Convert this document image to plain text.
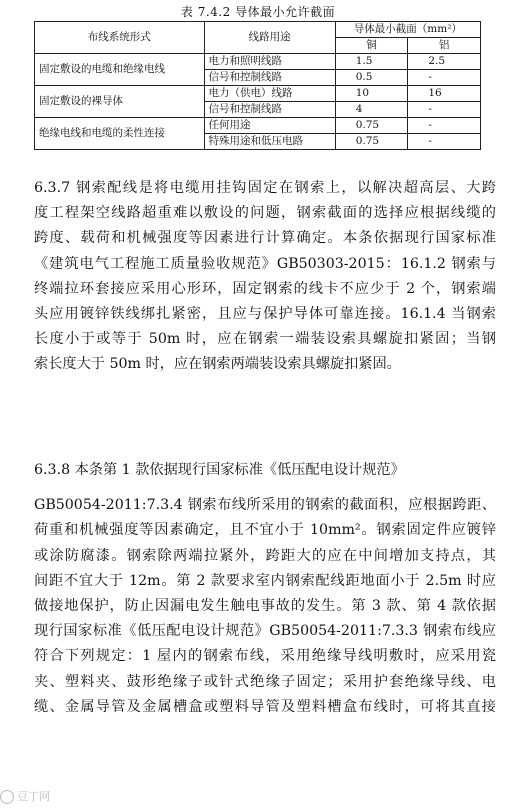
表 7.4.2 导体最小允许截面
布线系统形式	线路用途	导体最小截面（mm²）	
		铜	铝
固定敷设的电缆和绝缘电线	电力和照明线路	1.5	2.5
	信号和控制线路	0.5	-
固定敷设的裸导体	电力（供电）线路	10	16
	信号和控制线路	4	-
绝缘电线和电缆的柔性连接	任何用途	0.75	-
	特殊用途和低压电路	0.75	-
6.3.7 钢索配线是将电缆用挂钩固定在钢索上，以解决超高层、大跨
度工程架空线路超重难以敷设的问题，钢索截面的选择应根据线缆的
跨度、载荷和机械强度等因素进行计算确定。本条依据现行国家标准
《建筑电气工程施工质量验收规范》GB50303-2015：16.1.2 钢索与
终端拉环套接应采用心形环，固定钢索的线卡不应少于 2 个，钢索端
头应用镀锌铁线绑扎紧密，且应与保护导体可靠连接。16.1.4 当钢索
长度小于或等于 50m 时，应在钢索一端装设索具螺旋扣紧固；当钢
索长度大于 50m 时，应在钢索两端装设索具螺旋扣紧固。
6.3.8 本条第 1 款依据现行国家标准《低压配电设计规范》
GB50054-2011:7.3.4 钢索布线所采用的钢索的截面积，应根据跨距、
荷重和机械强度等因素确定，且不宜小于 10mm²。钢索固定件应镀锌
或涂防腐漆。钢索除两端拉紧外，跨距大的应在中间增加支持点，其
间距不宜大于 12m。第 2 款要求室内钢索配线距地面小于 2.5m 时应
做接地保护，防止因漏电发生触电事故的发生。第 3 款、第 4 款依据
现行国家标准《低压配电设计规范》GB50054-2011:7.3.3 钢索布线应
符合下列规定：1 屋内的钢索布线，采用绝缘导线明敷时，应采用瓷
夹、塑料夹、鼓形绝缘子或针式绝缘子固定；采用护套绝缘导线、电
缆、金属导管及金属槽盒或塑料导管及塑料槽盒布线时，可将其直接
豆丁网
